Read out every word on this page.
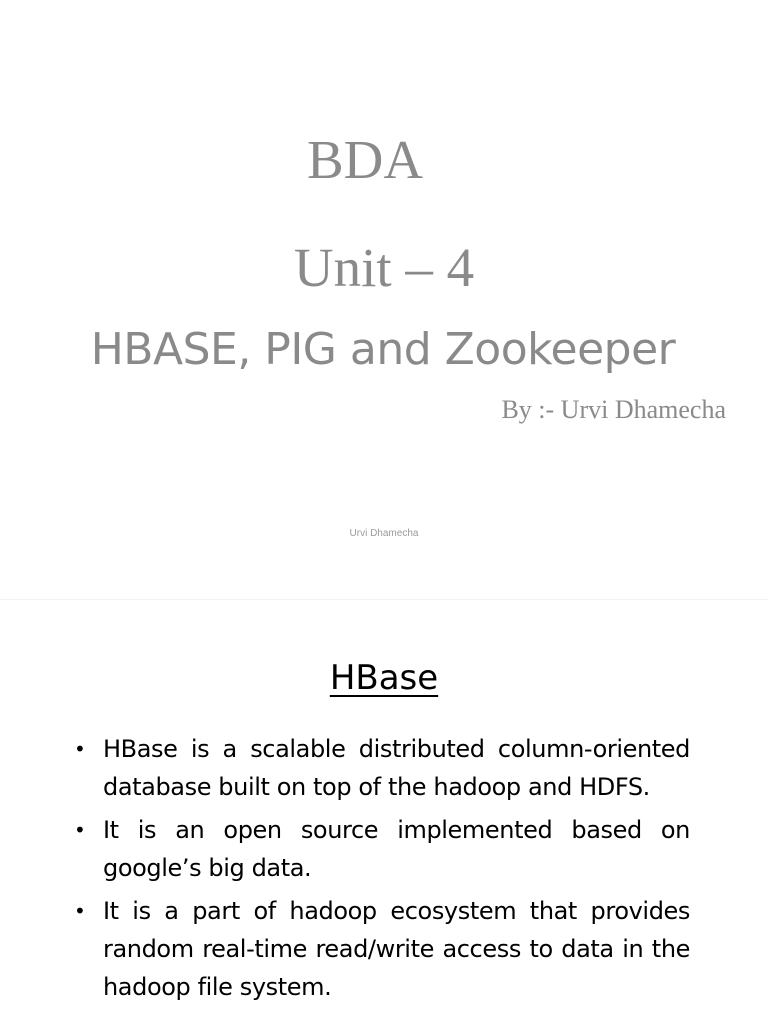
BDA
Unit – 4
HBASE, PIG and Zookeeper
By :- Urvi Dhamecha
Urvi Dhamecha
HBase
• HBase is a scalable distributed column-oriented database built on top of the hadoop and HDFS.
• It is an open source implemented based on google’s big data.
• It is a part of hadoop ecosystem that provides random real-time read/write access to data in the hadoop file system.
